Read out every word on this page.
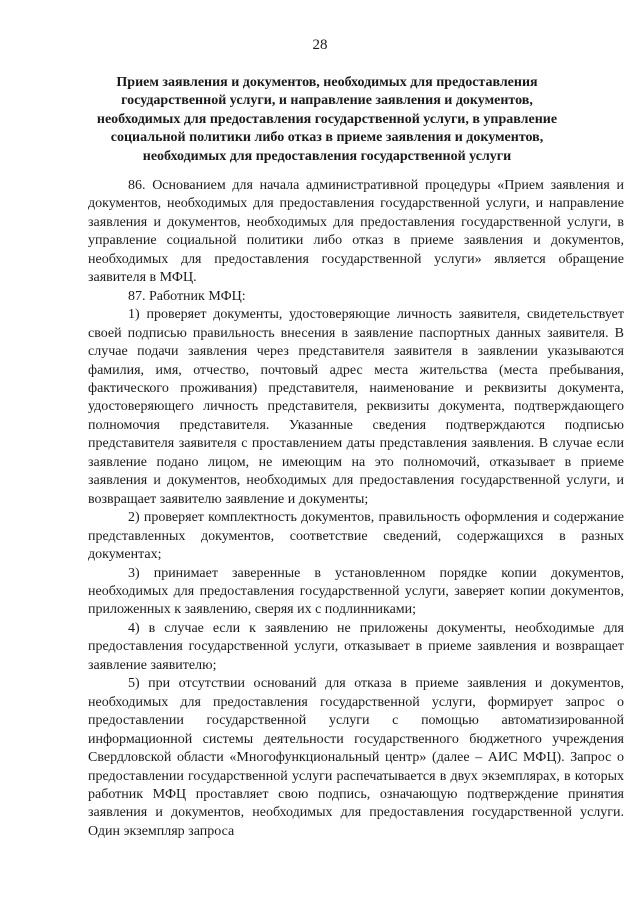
28
Прием заявления и документов, необходимых для предоставления государственной услуги, и направление заявления и документов, необходимых для предоставления государственной услуги, в управление социальной политики либо отказ в приеме заявления и документов, необходимых для предоставления государственной услуги

86. Основанием для начала административной процедуры «Прием заявления и документов, необходимых для предоставления государственной услуги, и направление заявления и документов, необходимых для предоставления государственной услуги, в управление социальной политики либо отказ в приеме заявления и документов, необходимых для предоставления государственной услуги» является обращение заявителя в МФЦ.

87. Работник МФЦ:

1) проверяет документы, удостоверяющие личность заявителя, свидетельствует своей подписью правильность внесения в заявление паспортных данных заявителя. В случае подачи заявления через представителя заявителя в заявлении указываются фамилия, имя, отчество, почтовый адрес места жительства (места пребывания, фактического проживания) представителя, наименование и реквизиты документа, удостоверяющего личность представителя, реквизиты документа, подтверждающего полномочия представителя. Указанные сведения подтверждаются подписью представителя заявителя с проставлением даты представления заявления. В случае если заявление подано лицом, не имеющим на это полномочий, отказывает в приеме заявления и документов, необходимых для предоставления государственной услуги, и возвращает заявителю заявление и документы;

2) проверяет комплектность документов, правильность оформления и содержание представленных документов, соответствие сведений, содержащихся в разных документах;

3) принимает заверенные в установленном порядке копии документов, необходимых для предоставления государственной услуги, заверяет копии документов, приложенных к заявлению, сверяя их с подлинниками;

4) в случае если к заявлению не приложены документы, необходимые для предоставления государственной услуги, отказывает в приеме заявления и возвращает заявление заявителю;

5) при отсутствии оснований для отказа в приеме заявления и документов, необходимых для предоставления государственной услуги, формирует запрос о предоставлении государственной услуги с помощью автоматизированной информационной системы деятельности государственного бюджетного учреждения Свердловской области «Многофункциональный центр» (далее – АИС МФЦ). Запрос о предоставлении государственной услуги распечатывается в двух экземплярах, в которых работник МФЦ проставляет свою подпись, означающую подтверждение принятия заявления и документов, необходимых для предоставления государственной услуги. Один экземпляр запроса
